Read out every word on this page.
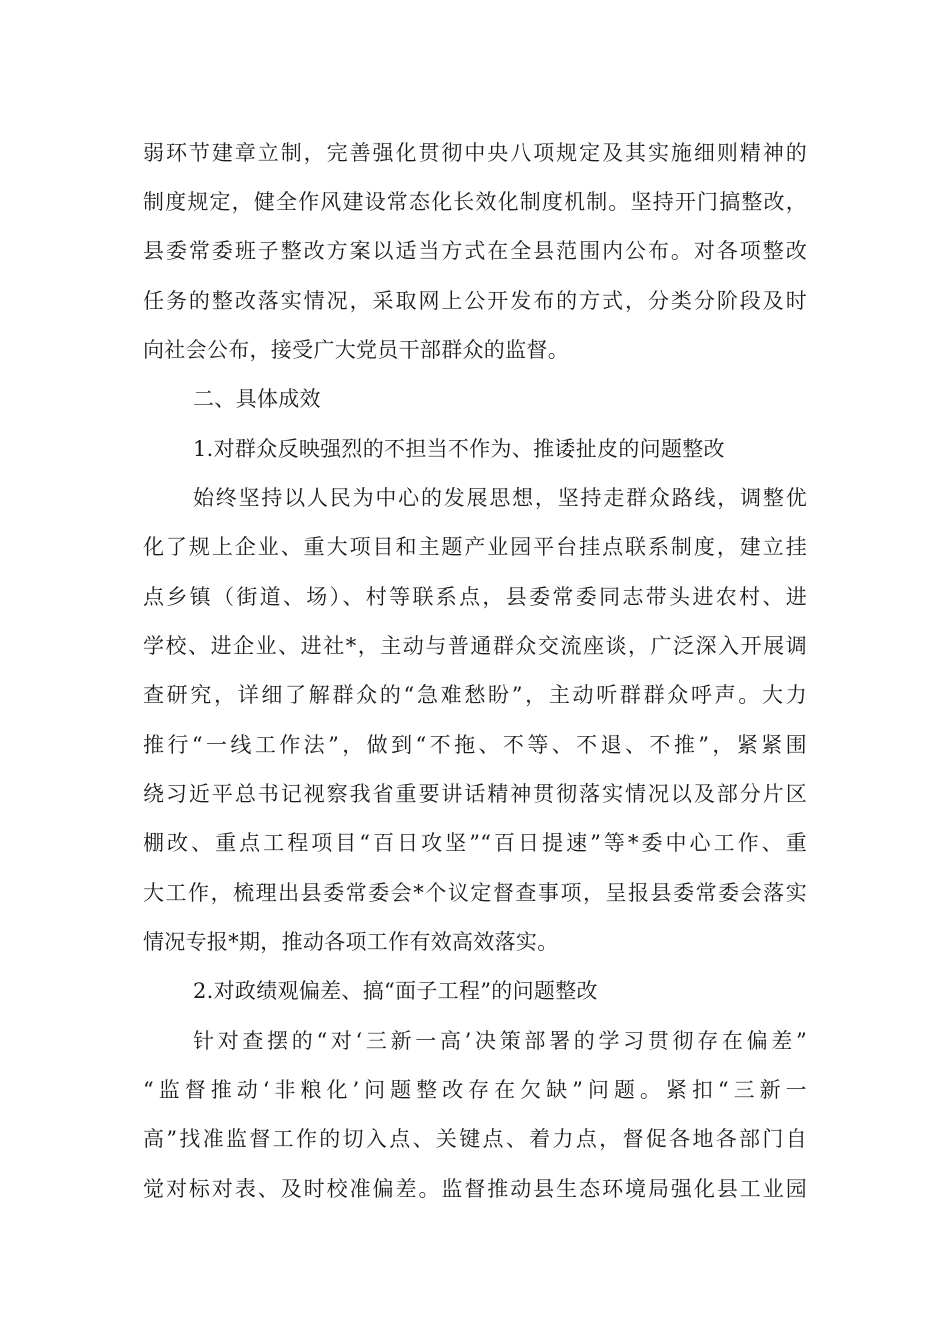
弱环节建章立制，完善强化贯彻中央八项规定及其实施细则精神的
制度规定，健全作风建设常态化长效化制度机制。坚持开门搞整改，
县委常委班子整改方案以适当方式在全县范围内公布。对各项整改
任务的整改落实情况，采取网上公开发布的方式，分类分阶段及时
向社会公布，接受广大党员干部群众的监督。
二、具体成效
1.对群众反映强烈的不担当不作为、推诿扯皮的问题整改
始终坚持以人民为中心的发展思想，坚持走群众路线，调整优
化了规上企业、重大项目和主题产业园平台挂点联系制度，建立挂
点乡镇（街道、场）、村等联系点，县委常委同志带头进农村、进
学校、进企业、进社*，主动与普通群众交流座谈，广泛深入开展调
查研究，详细了解群众的“急难愁盼”，主动听群群众呼声。大力
推行“一线工作法”，做到“不拖、不等、不退、不推”，紧紧围
绕习近平总书记视察我省重要讲话精神贯彻落实情况以及部分片区
棚改、重点工程项目“百日攻坚”“百日提速”等*委中心工作、重
大工作，梳理出县委常委会*个议定督查事项，呈报县委常委会落实
情况专报*期，推动各项工作有效高效落实。
2.对政绩观偏差、搞“面子工程”的问题整改
针对查摆的“对‘三新一高’决策部署的学习贯彻存在偏差”
“监督推动‘非粮化’问题整改存在欠缺”问题。紧扣“三新一
高”找准监督工作的切入点、关键点、着力点，督促各地各部门自
觉对标对表、及时校准偏差。监督推动县生态环境局强化县工业园
